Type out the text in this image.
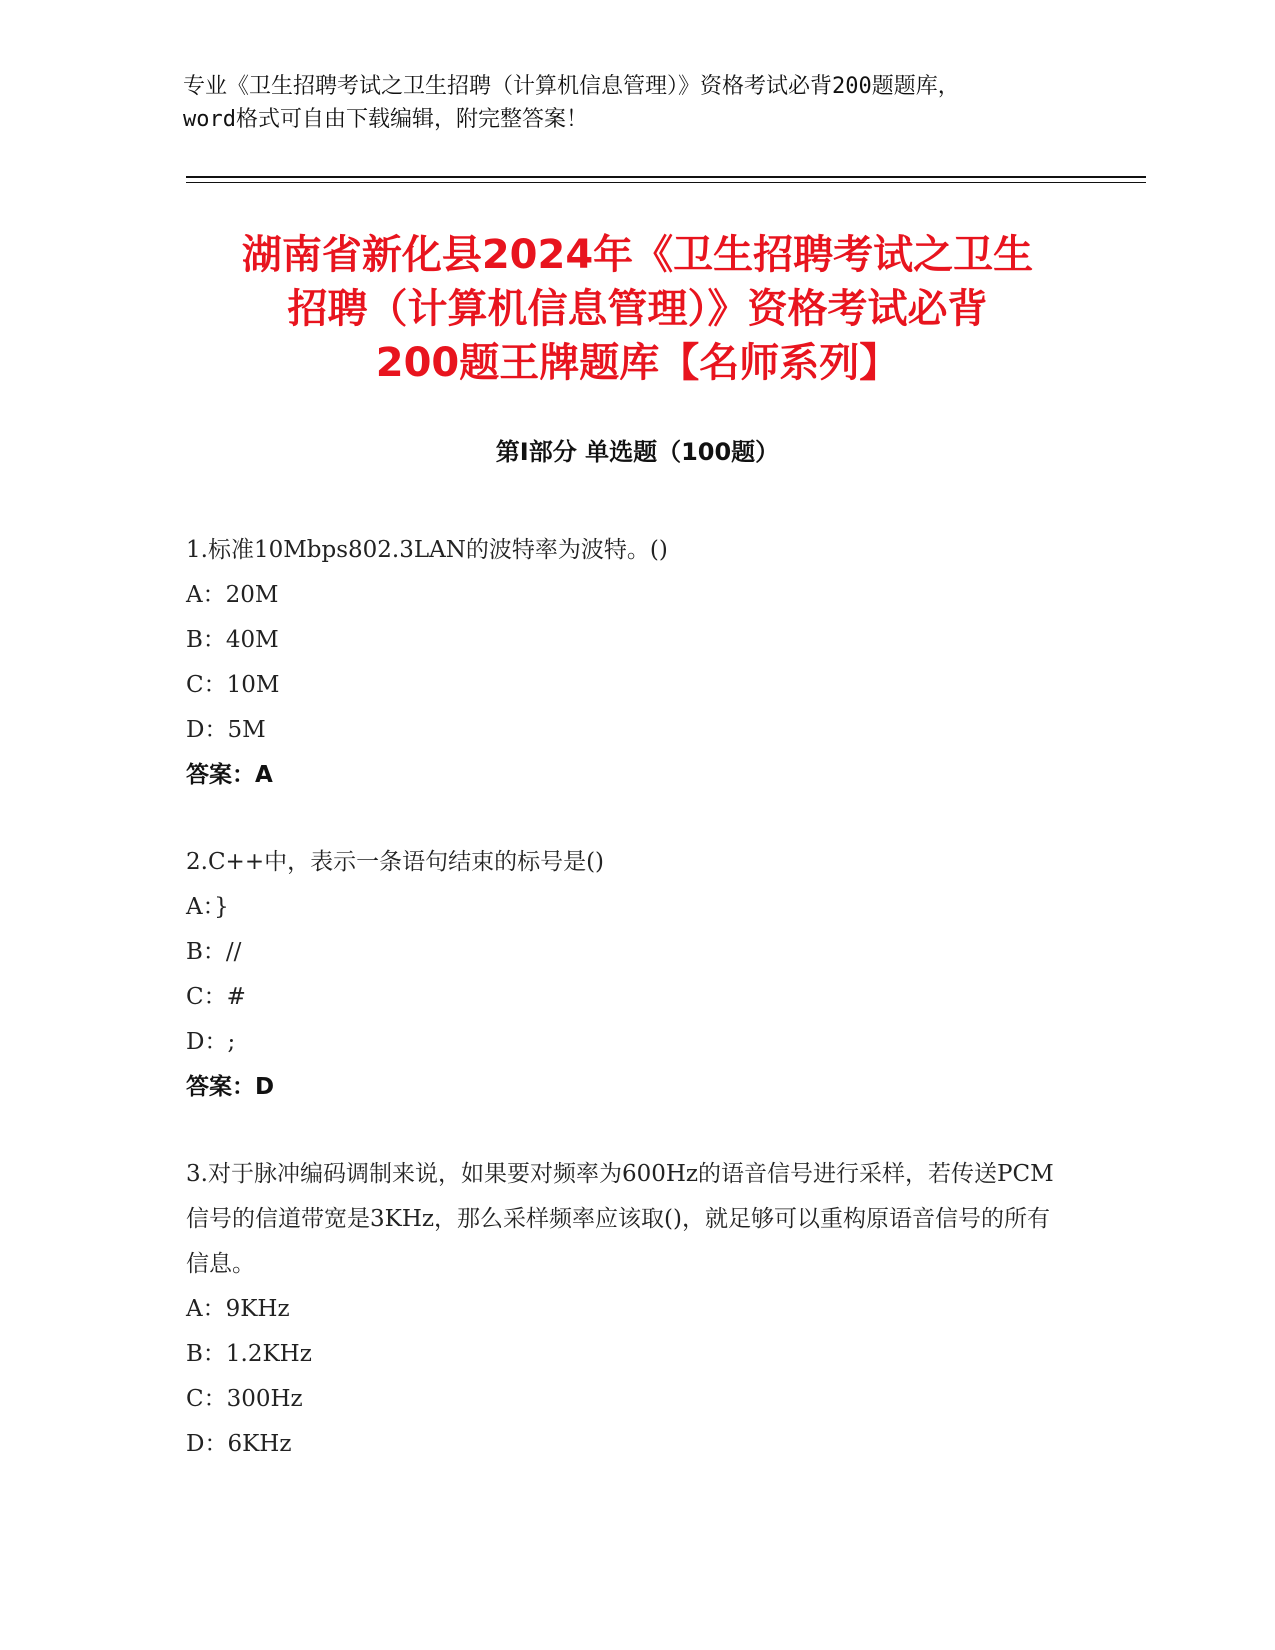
专业《卫生招聘考试之卫生招聘（计算机信息管理）》资格考试必背200题题库，
word格式可自由下载编辑，附完整答案！
湖南省新化县2024年《卫生招聘考试之卫生
招聘（计算机信息管理）》资格考试必背
200题王牌题库【名师系列】
第Ⅰ部分 单选题（100题）
1.标准10Mbps802.3LAN的波特率为波特。()
A：20M
B：40M
C：10M
D：5M
答案：A
2.C++中，表示一条语句结束的标号是()
A：}
B：//
C：#
D：;
答案：D
3.对于脉冲编码调制来说，如果要对频率为600Hz的语音信号进行采样，若传送PCM信号的信道带宽是3KHz，那么采样频率应该取()，就足够可以重构原语音信号的所有信息。
A：9KHz
B：1.2KHz
C：300Hz
D：6KHz
